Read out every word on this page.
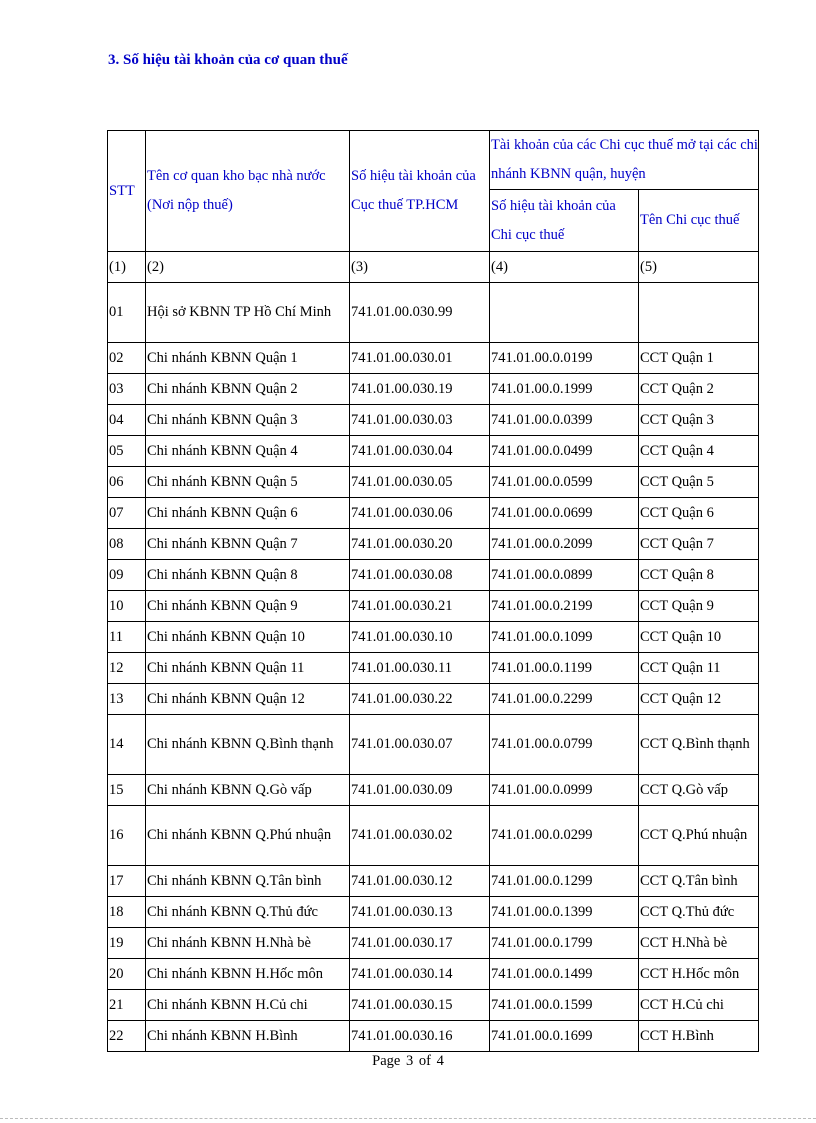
3. Số hiệu tài khoản của cơ quan thuế
STT	Tên cơ quan kho bạc nhà nước (Nơi nộp thuế)	Số hiệu tài khoản của Cục thuế TP.HCM	Tài khoản của các Chi cục thuế mở tại các chi nhánh KBNN quận, huyện	
			Số hiệu tài khoản của Chi cục thuế	Tên Chi cục thuế
(1)	(2)	(3)	(4)	(5)
01	Hội sở KBNN TP Hồ Chí Minh	741.01.00.030.99		
02	Chi nhánh KBNN Quận 1	741.01.00.030.01	741.01.00.0.0199	CCT Quận 1
03	Chi nhánh KBNN Quận 2	741.01.00.030.19	741.01.00.0.1999	CCT Quận 2
04	Chi nhánh KBNN Quận 3	741.01.00.030.03	741.01.00.0.0399	CCT Quận 3
05	Chi nhánh KBNN Quận 4	741.01.00.030.04	741.01.00.0.0499	CCT Quận 4
06	Chi nhánh KBNN Quận 5	741.01.00.030.05	741.01.00.0.0599	CCT Quận 5
07	Chi nhánh KBNN Quận 6	741.01.00.030.06	741.01.00.0.0699	CCT Quận 6
08	Chi nhánh KBNN Quận 7	741.01.00.030.20	741.01.00.0.2099	CCT Quận 7
09	Chi nhánh KBNN Quận 8	741.01.00.030.08	741.01.00.0.0899	CCT Quận 8
10	Chi nhánh KBNN Quận 9	741.01.00.030.21	741.01.00.0.2199	CCT Quận 9
11	Chi nhánh KBNN Quận 10	741.01.00.030.10	741.01.00.0.1099	CCT Quận 10
12	Chi nhánh KBNN Quận 11	741.01.00.030.11	741.01.00.0.1199	CCT Quận 11
13	Chi nhánh KBNN Quận 12	741.01.00.030.22	741.01.00.0.2299	CCT Quận 12
14	Chi nhánh KBNN Q.Bình thạnh	741.01.00.030.07	741.01.00.0.0799	CCT Q.Bình thạnh
15	Chi nhánh KBNN Q.Gò vấp	741.01.00.030.09	741.01.00.0.0999	CCT Q.Gò vấp
16	Chi nhánh KBNN Q.Phú nhuận	741.01.00.030.02	741.01.00.0.0299	CCT Q.Phú nhuận
17	Chi nhánh KBNN Q.Tân bình	741.01.00.030.12	741.01.00.0.1299	CCT Q.Tân bình
18	Chi nhánh KBNN Q.Thủ đức	741.01.00.030.13	741.01.00.0.1399	CCT Q.Thủ đức
19	Chi nhánh KBNN H.Nhà bè	741.01.00.030.17	741.01.00.0.1799	CCT H.Nhà bè
20	Chi nhánh KBNN H.Hốc môn	741.01.00.030.14	741.01.00.0.1499	CCT H.Hốc môn
21	Chi nhánh KBNN H.Củ chi	741.01.00.030.15	741.01.00.0.1599	CCT H.Củ chi
22	Chi nhánh KBNN H.Bình	741.01.00.030.16	741.01.00.0.1699	CCT H.Bình
Page 3 of 4
